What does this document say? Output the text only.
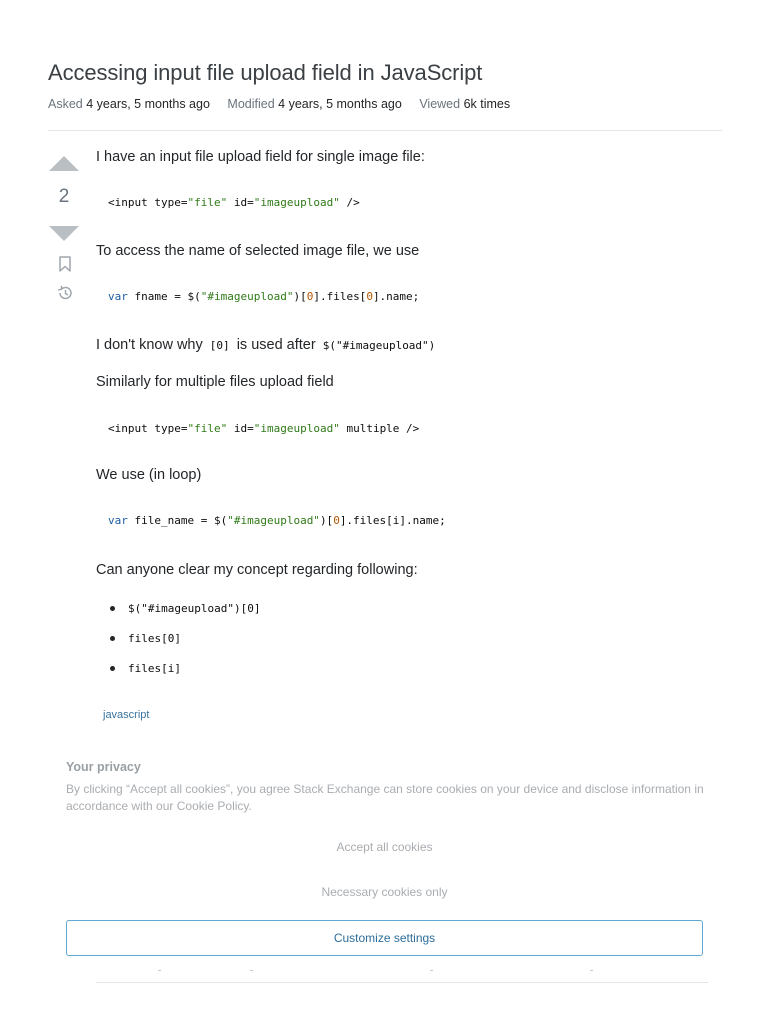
Accessing input file upload field in JavaScript
Asked 4 years, 5 months ago Modified 4 years, 5 months ago Viewed 6k times
2

I have an input file upload field for single image file:

<input type="file" id="imageupload" />

To access the name of selected image file, we use

var fname = $("#imageupload")[0].files[0].name;

I don't know why [0] is used after $("#imageupload")

Similarly for multiple files upload field

<input type="file" id="imageupload" multiple />

We use (in loop)

var file_name = $("#imageupload")[0].files[i].name;

Can anyone clear my concept regarding following:

$("#imageupload")[0]
files[0]
files[i]
javascript
Your privacy
By clicking “Accept all cookies”, you agree Stack Exchange can store cookies on your device and disclose information in accordance with our Cookie Policy.
Accept all cookies
Necessary cookies only
Customize settings
